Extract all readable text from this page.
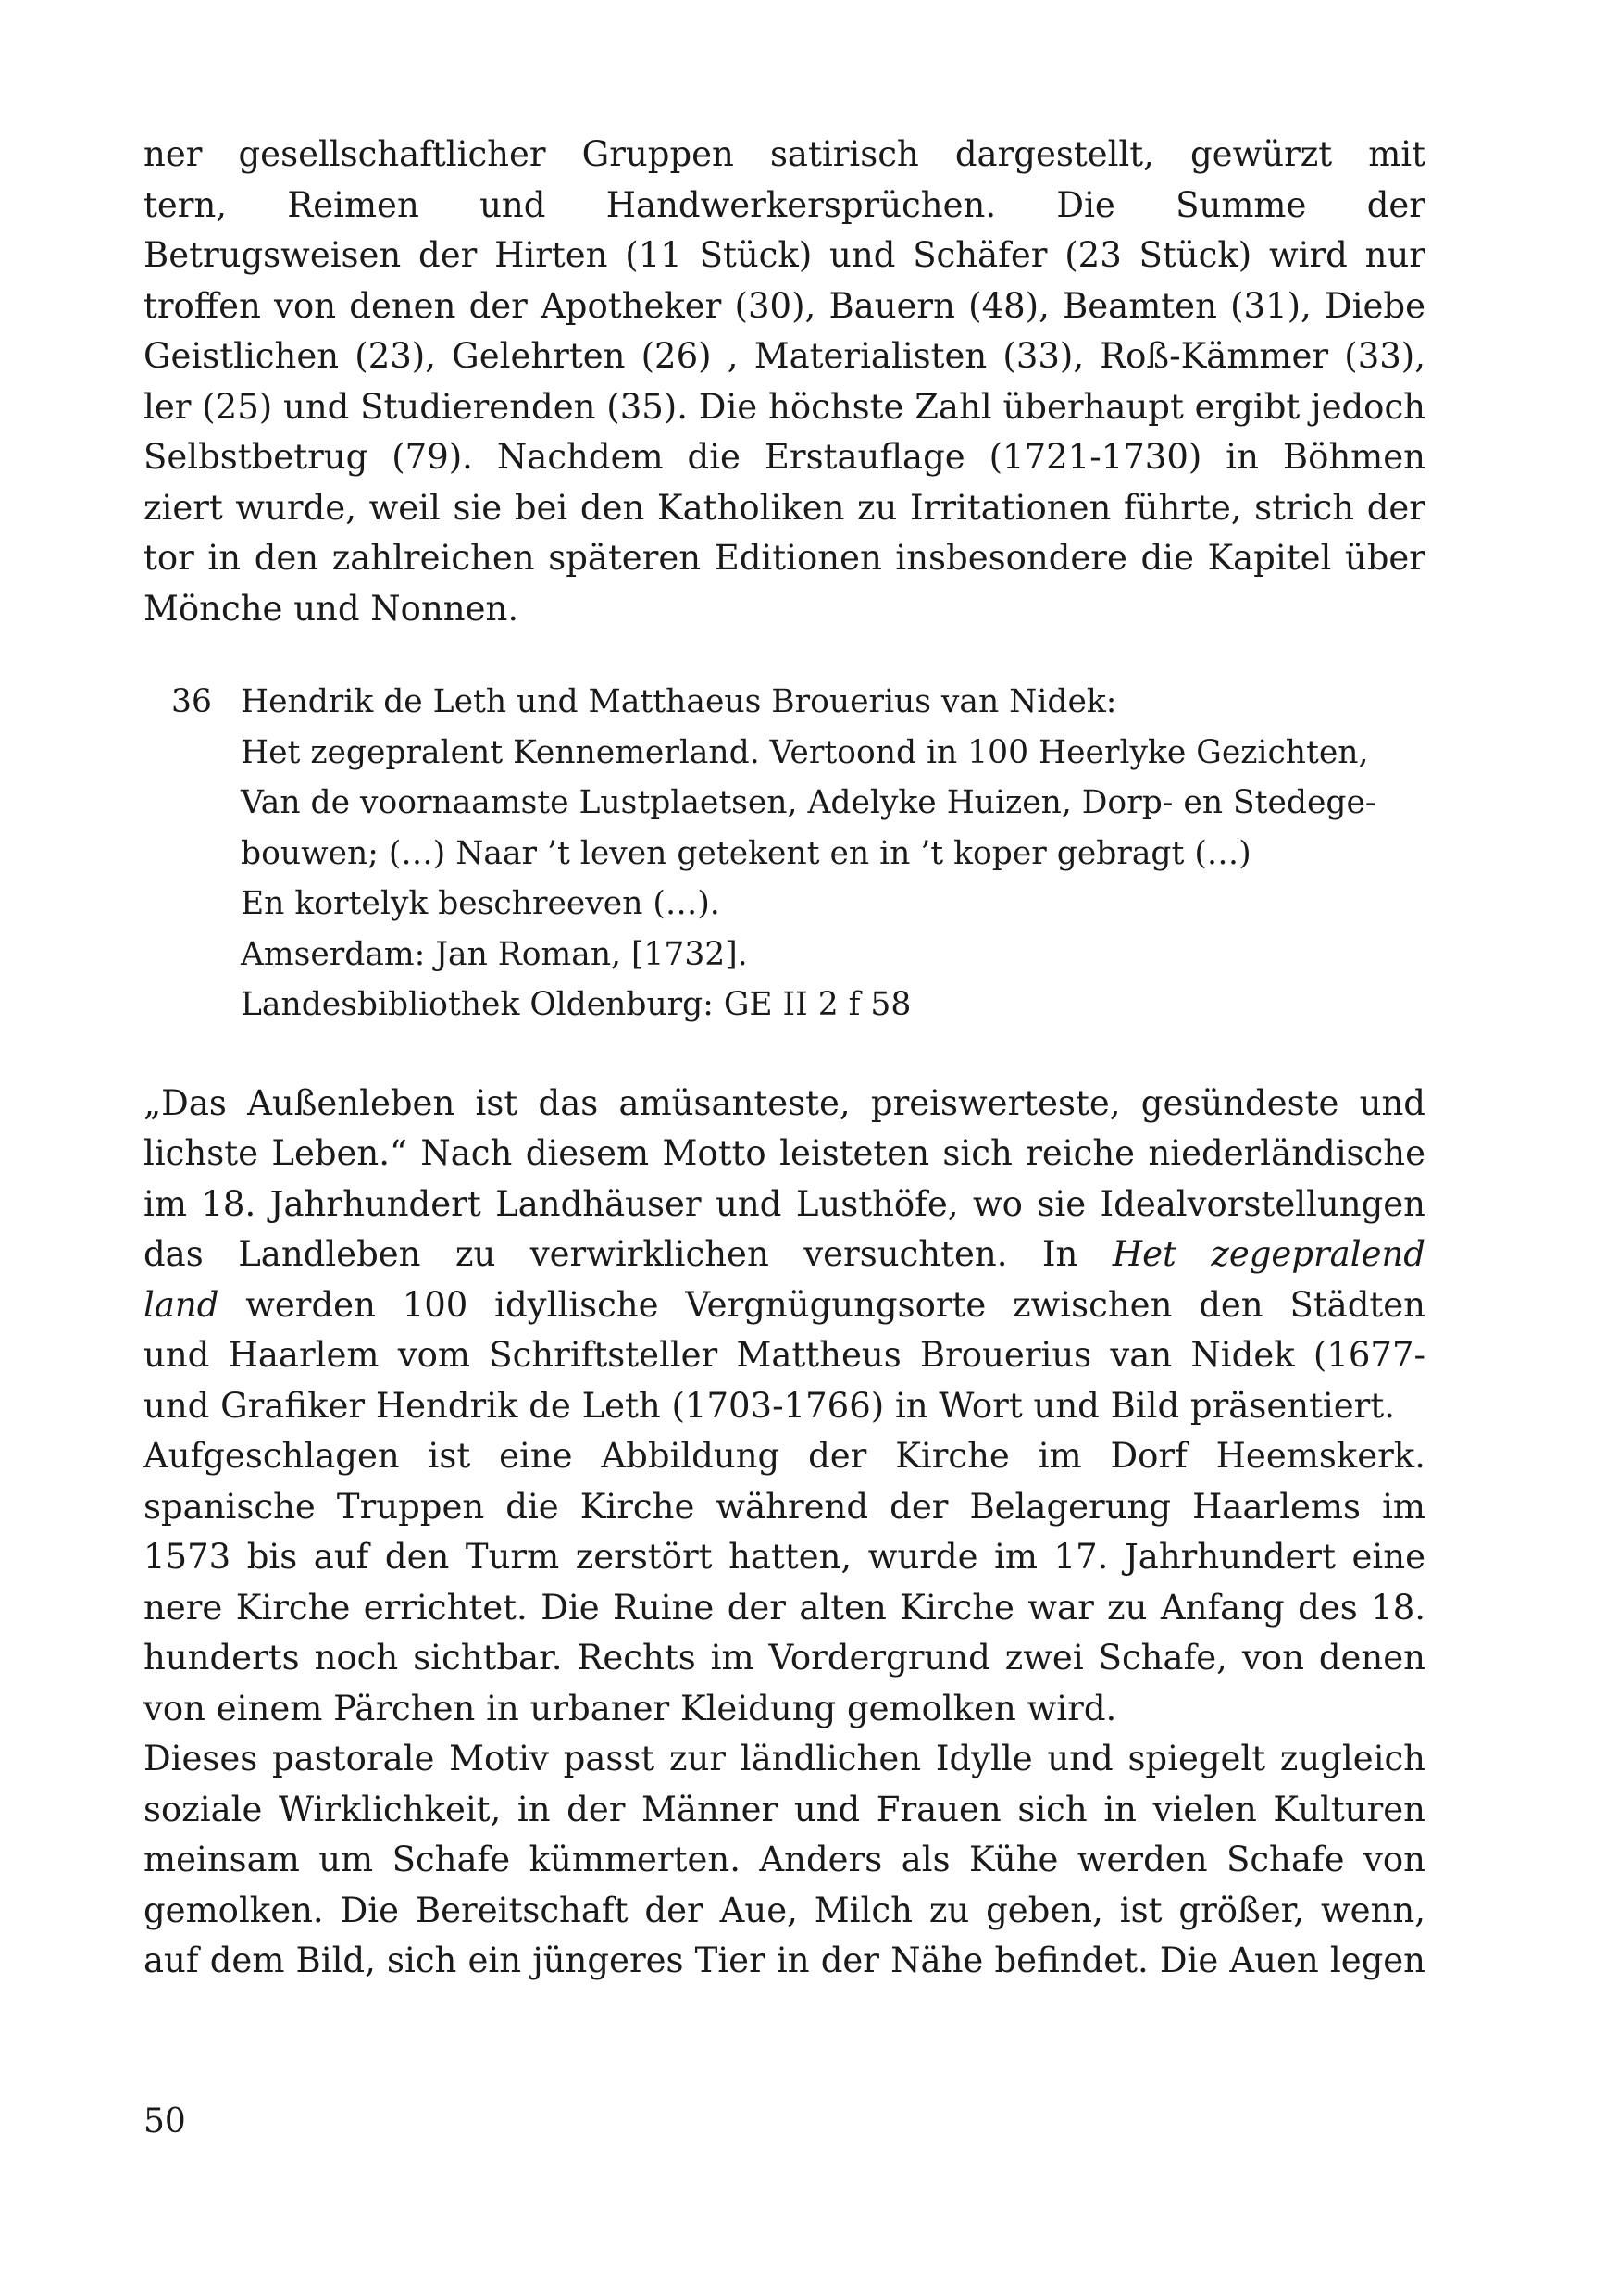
ner gesellschaftlicher Gruppen satirisch dargestellt, gewürzt mit
tern, Reimen und Handwerkersprüchen. Die Summe der
Betrugsweisen der Hirten (11 Stück) und Schäfer (23 Stück) wird nur
troffen von denen der Apotheker (30), Bauern (48), Beamten (31), Diebe
Geistlichen (23), Gelehrten (26) , Materialisten (33), Roß-Kämmer (33),
ler (25) und Studierenden (35). Die höchste Zahl überhaupt ergibt jedoch
Selbstbetrug (79). Nachdem die Erstauflage (1721-1730) in Böhmen
ziert wurde, weil sie bei den Katholiken zu Irritationen führte, strich der
tor in den zahlreichen späteren Editionen insbesondere die Kapitel über
Mönche und Nonnen.

36 Hendrik de Leth und Matthaeus Brouerius van Nidek:
Het zegepralent Kennemerland. Vertoond in 100 Heerlyke Gezichten,
Van de voornaamste Lustplaetsen, Adelyke Huizen, Dorp- en Stedege-
bouwen; (…) Naar ’t leven getekent en in ’t koper gebragt (…)
En kortelyk beschreeven (…).
Amserdam: Jan Roman, [1732].
Landesbibliothek Oldenburg: GE II 2 f 58

„Das Außenleben ist das amüsanteste, preiswerteste, gesündeste und
lichste Leben.“ Nach diesem Motto leisteten sich reiche niederländische
im 18. Jahrhundert Landhäuser und Lusthöfe, wo sie Idealvorstellungen
das Landleben zu verwirklichen versuchten. In Het zegepralend
land werden 100 idyllische Vergnügungsorte zwischen den Städten
und Haarlem vom Schriftsteller Mattheus Brouerius van Nidek (1677-
und Grafiker Hendrik de Leth (1703-1766) in Wort und Bild präsentiert.
Aufgeschlagen ist eine Abbildung der Kirche im Dorf Heemskerk.
spanische Truppen die Kirche während der Belagerung Haarlems im
1573 bis auf den Turm zerstört hatten, wurde im 17. Jahrhundert eine
nere Kirche errichtet. Die Ruine der alten Kirche war zu Anfang des 18.
hunderts noch sichtbar. Rechts im Vordergrund zwei Schafe, von denen
von einem Pärchen in urbaner Kleidung gemolken wird.
Dieses pastorale Motiv passt zur ländlichen Idylle und spiegelt zugleich
soziale Wirklichkeit, in der Männer und Frauen sich in vielen Kulturen
meinsam um Schafe kümmerten. Anders als Kühe werden Schafe von
gemolken. Die Bereitschaft der Aue, Milch zu geben, ist größer, wenn,
auf dem Bild, sich ein jüngeres Tier in der Nähe befindet. Die Auen legen

50
